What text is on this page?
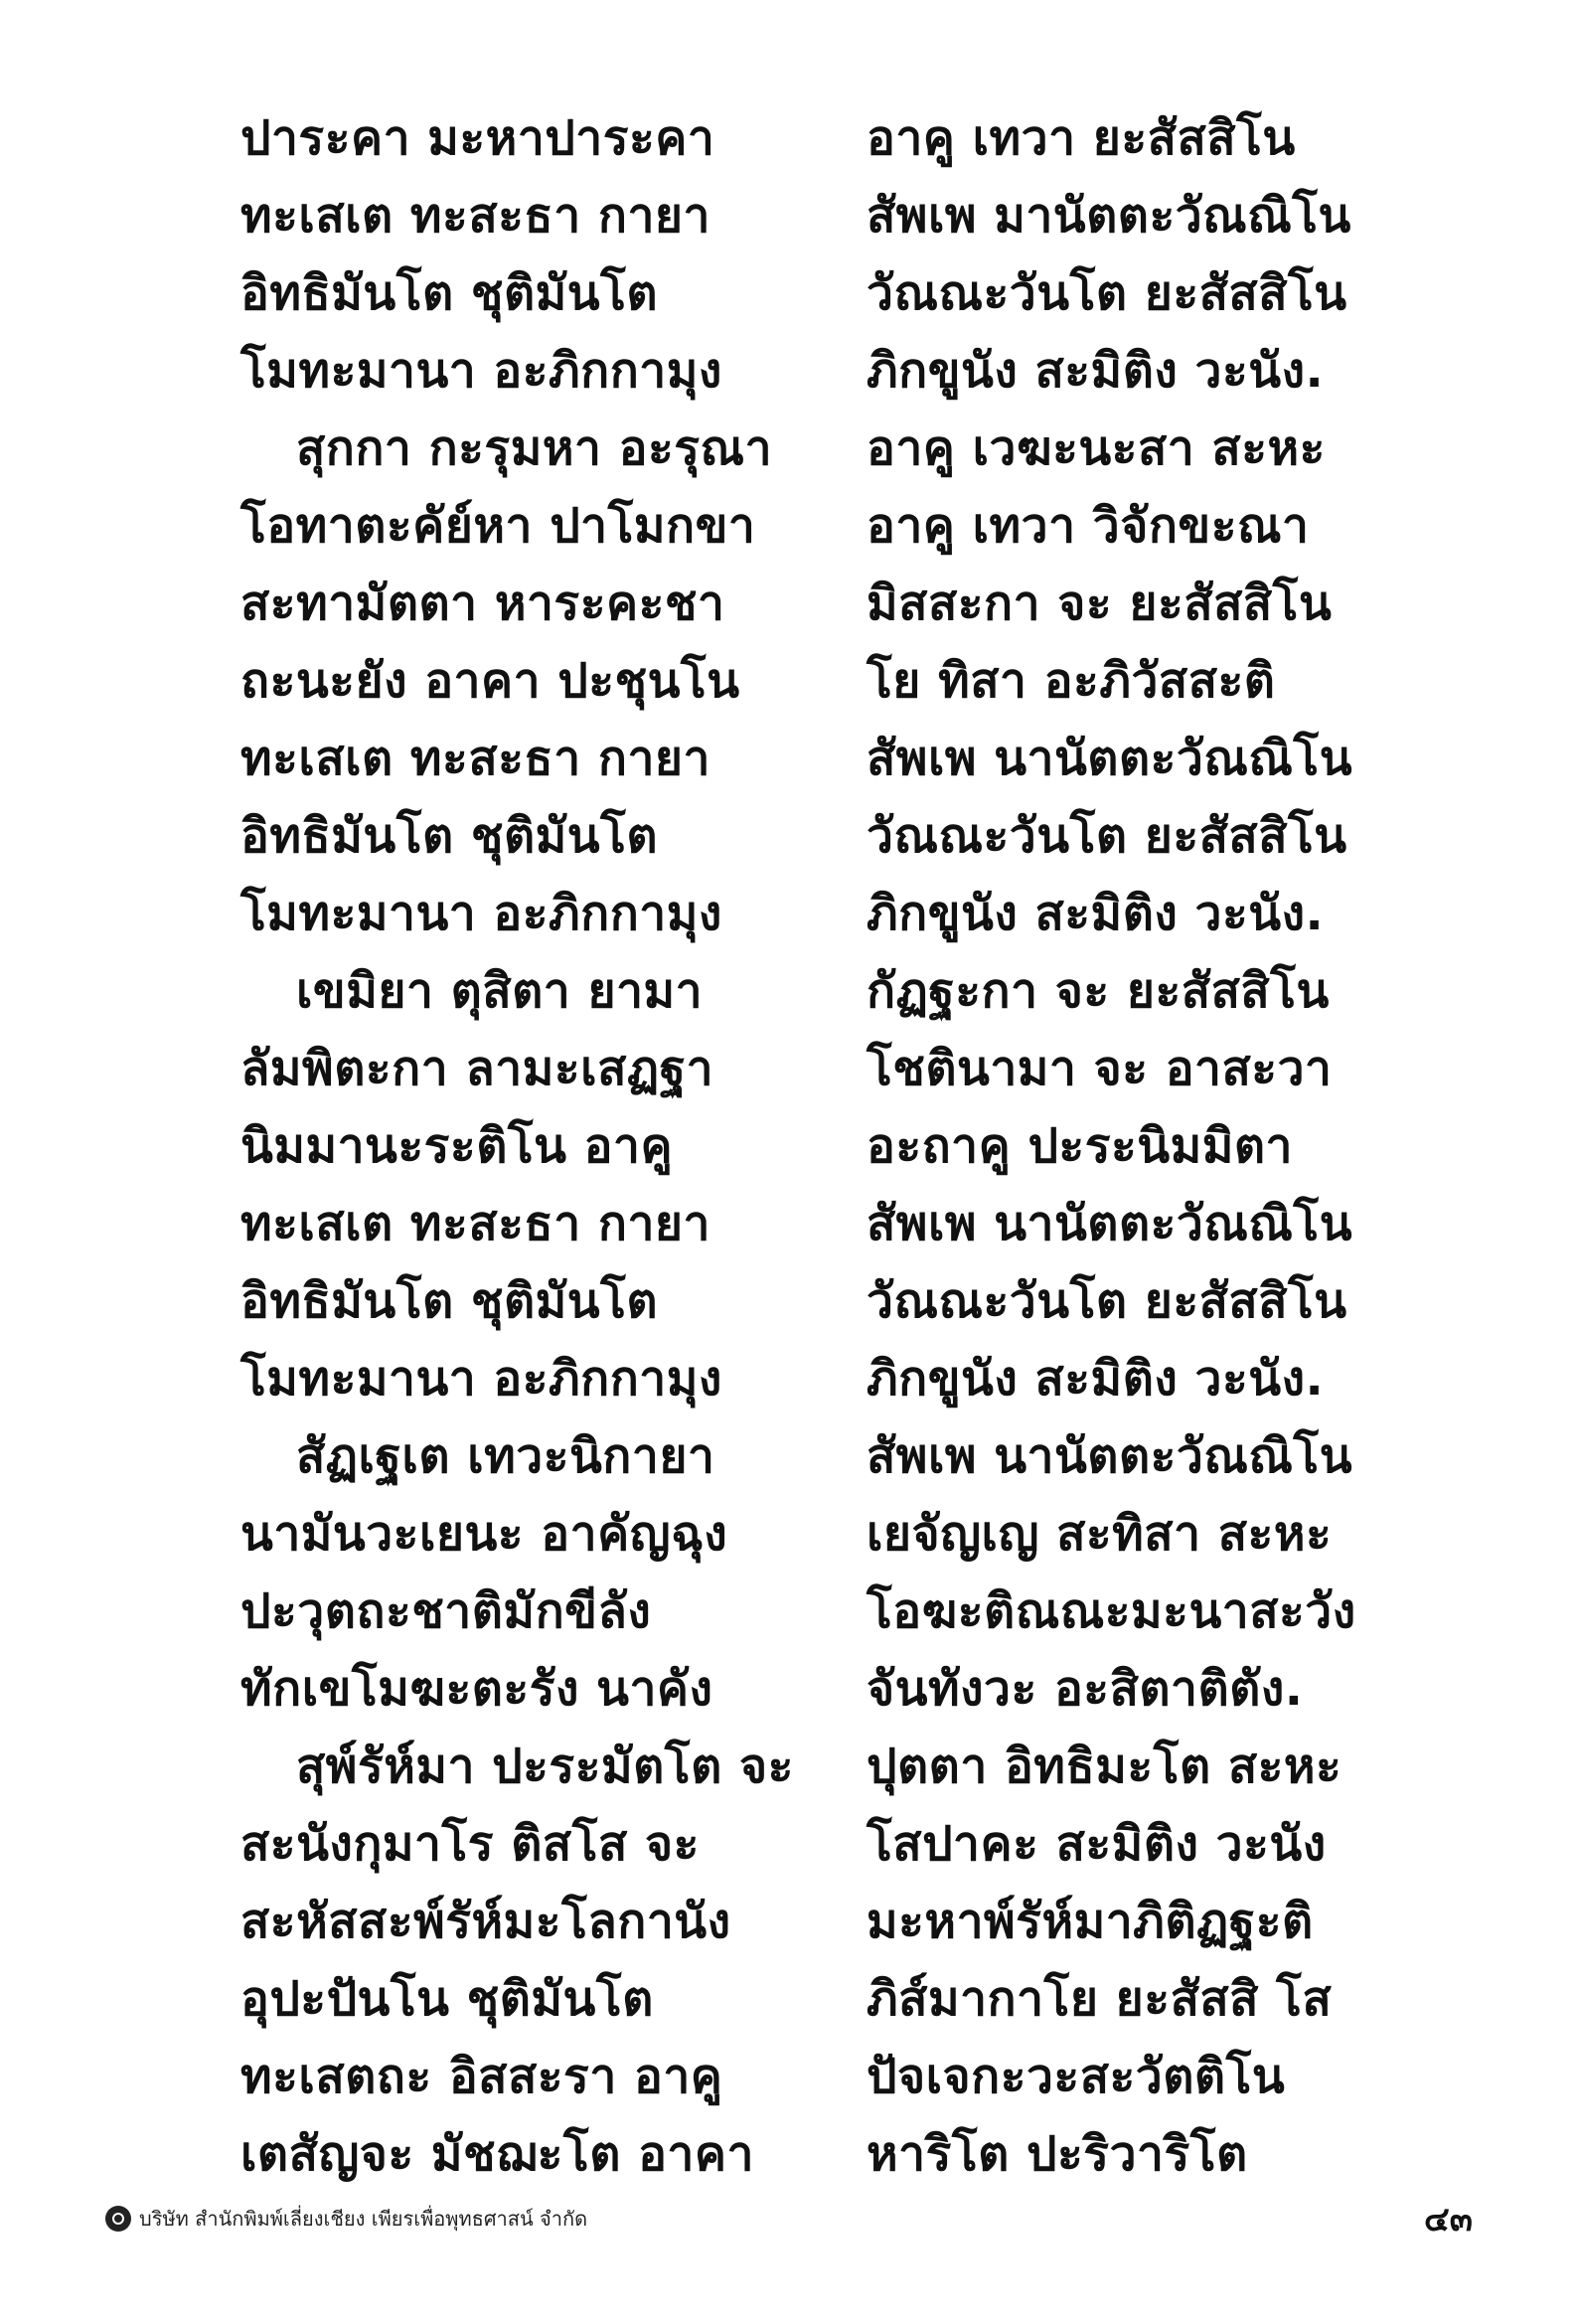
ปาระคา มะหาปาระคา
ทะเสเต ทะสะธา กายา
อิทธิมันโต ชุติมันโต
โมทะมานา อะภิกกามุง
สุกกา กะรุมหา อะรุณา
โอทาตะคัย์หา ปาโมกขา
สะทามัตตา หาระคะชา
ถะนะยัง อาคา ปะชุนโน
ทะเสเต ทะสะธา กายา
อิทธิมันโต ชุติมันโต
โมทะมานา อะภิกกามุง
เขมิยา ตุสิตา ยามา
ลัมพิตะกา ลามะเสฏฐา
นิมมานะระติโน อาคู
ทะเสเต ทะสะธา กายา
อิทธิมันโต ชุติมันโต
โมทะมานา อะภิกกามุง
สัฏเฐเต เทวะนิกายา
นามันวะเยนะ อาคัญฉุง
ปะวุตถะชาติมักขีลัง
ทักเขโมฆะตะรัง นาคัง
สุพ์รัห์มา ปะระมัตโต จะ
สะนังกุมาโร ติสโส จะ
สะหัสสะพ์รัห์มะโลกานัง
อุปะปันโน ชุติมันโต
ทะเสตถะ อิสสะรา อาคู
เตสัญจะ มัชฌะโต อาคา
อาคู เทวา ยะสัสสิโน
สัพเพ มานัตตะวัณณิโน
วัณณะวันโต ยะสัสสิโน
ภิกขูนัง สะมิติง วะนัง.
อาคู เวฆะนะสา สะหะ
อาคู เทวา วิจักขะณา
มิสสะกา จะ ยะสัสสิโน
โย ทิสา อะภิวัสสะติ
สัพเพ นานัตตะวัณณิโน
วัณณะวันโต ยะสัสสิโน
ภิกขูนัง สะมิติง วะนัง.
กัฏฐะกา จะ ยะสัสสิโน
โชตินามา จะ อาสะวา
อะถาคู ปะระนิมมิตา
สัพเพ นานัตตะวัณณิโน
วัณณะวันโต ยะสัสสิโน
ภิกขูนัง สะมิติง วะนัง.
สัพเพ นานัตตะวัณณิโน
เยจัญเญ สะทิสา สะหะ
โอฆะติณณะมะนาสะวัง
จันทังวะ อะสิตาติตัง.
ปุตตา อิทธิมะโต สะหะ
โสปาคะ สะมิติง วะนัง
มะหาพ์รัห์มาภิติฏฐะติ
ภิส์มากาโย ยะสัสสิ โส
ปัจเจกะวะสะวัตติโน
หาริโต ปะริวาริโต
บริษัท สำนักพิมพ์เลี่ยงเชียง เพียรเพื่อพุทธศาสน์ จำกัด	๔๓
